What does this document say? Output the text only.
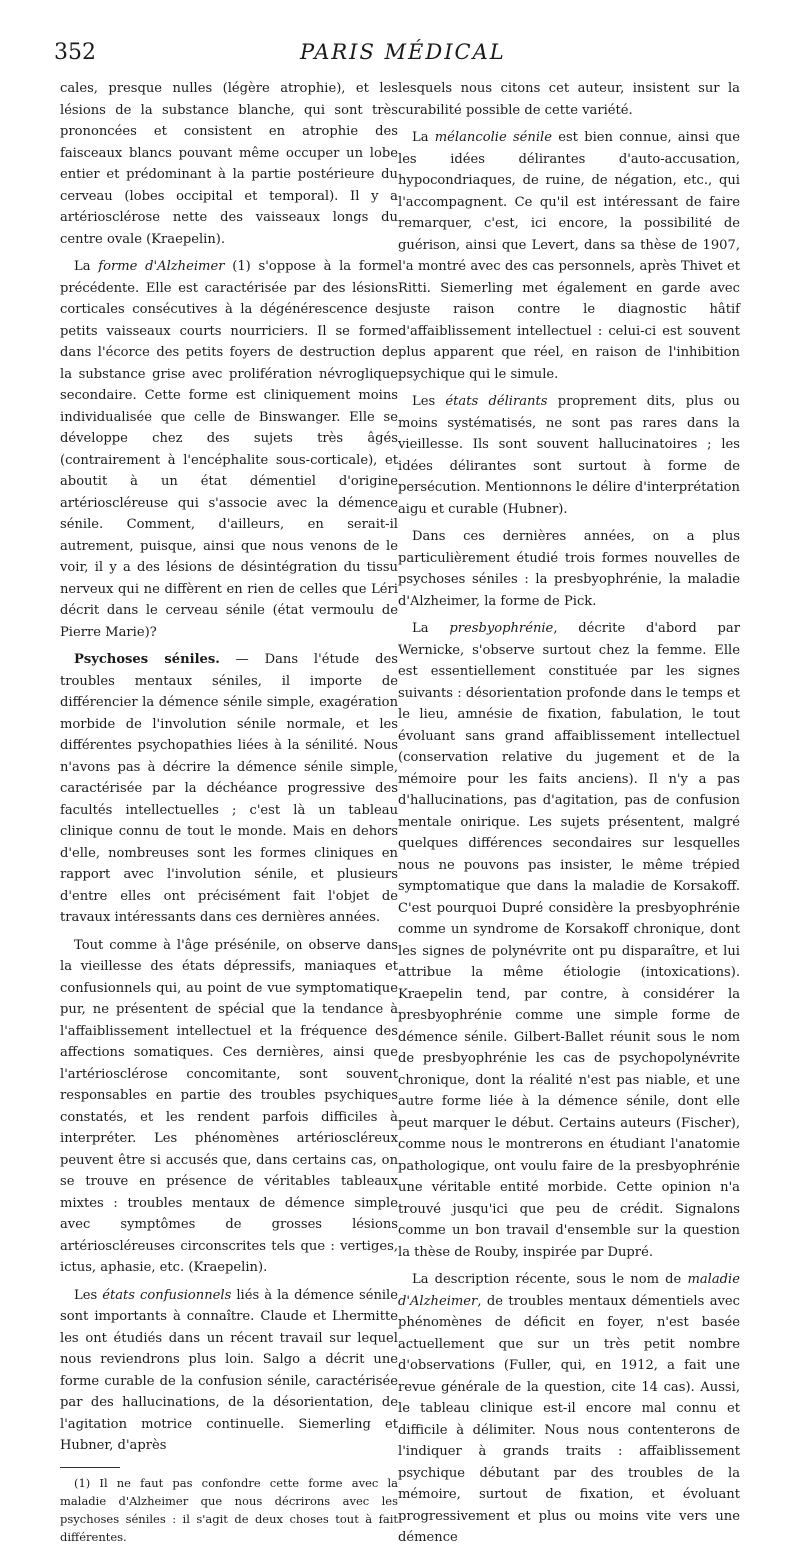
352	PARIS MÉDICAL

cales, presque nulles (légère atrophie), et les lésions de la substance blanche, qui sont très prononcées et consistent en atrophie des faisceaux blancs pouvant même occuper un lobe entier et prédominant à la partie postérieure du cerveau (lobes occipital et temporal). Il y a artériosclérose nette des vaisseaux longs du centre ovale (Kraepelin).

La forme d'Alzheimer (1) s'oppose à la forme précédente. Elle est caractérisée par des lésions corticales consécutives à la dégénérescence des petits vaisseaux courts nourriciers. Il se forme dans l'écorce des petits foyers de destruction de la substance grise avec prolifération névroglique secondaire. Cette forme est cliniquement moins individualisée que celle de Binswanger. Elle se développe chez des sujets très âgés (contrairement à l'encéphalite sous-corticale), et aboutit à un état démentiel d'origine artérioscléreuse qui s'associe avec la démence sénile. Comment, d'ailleurs, en serait-il autrement, puisque, ainsi que nous venons de le voir, il y a des lésions de désintégration du tissu nerveux qui ne diffèrent en rien de celles que Léri décrit dans le cerveau sénile (état vermoulu de Pierre Marie)?

Psychoses séniles. — Dans l'étude des troubles mentaux séniles, il importe de différencier la démence sénile simple, exagération morbide de l'involution sénile normale, et les différentes psychopathies liées à la sénilité. Nous n'avons pas à décrire la démence sénile simple, caractérisée par la déchéance progressive des facultés intellectuelles ; c'est là un tableau clinique connu de tout le monde. Mais en dehors d'elle, nombreuses sont les formes cliniques en rapport avec l'involution sénile, et plusieurs d'entre elles ont précisément fait l'objet de travaux intéressants dans ces dernières années.

Tout comme à l'âge présénile, on observe dans la vieillesse des états dépressifs, maniaques et confusionnels qui, au point de vue symptomatique pur, ne présentent de spécial que la tendance à l'affaiblissement intellectuel et la fréquence des affections somatiques. Ces dernières, ainsi que l'artériosclérose concomitante, sont souvent responsables en partie des troubles psychiques constatés, et les rendent parfois difficiles à interpréter. Les phénomènes artérioscléreux peuvent être si accusés que, dans certains cas, on se trouve en présence de véritables tableaux mixtes : troubles mentaux de démence simple avec symptômes de grosses lésions artérioscléreuses circonscrites tels que : vertiges, ictus, aphasie, etc. (Kraepelin).

Les états confusionnels liés à la démence sénile sont importants à connaître. Claude et Lhermitte les ont étudiés dans un récent travail sur lequel nous reviendrons plus loin. Salgo a décrit une forme curable de la confusion sénile, caractérisée par des hallucinations, de la désorientation, de l'agitation motrice continuelle. Siemerling et Hubner, d'après

(1) Il ne faut pas confondre cette forme avec la maladie d'Alzheimer que nous décrirons avec les psychoses séniles : il s'agit de deux choses tout à fait différentes.

lesquels nous citons cet auteur, insistent sur la curabilité possible de cette variété.

La mélancolie sénile est bien connue, ainsi que les idées délirantes d'auto-accusation, hypocondriaques, de ruine, de négation, etc., qui l'accompagnent. Ce qu'il est intéressant de faire remarquer, c'est, ici encore, la possibilité de guérison, ainsi que Levert, dans sa thèse de 1907, l'a montré avec des cas personnels, après Thivet et Ritti. Siemerling met également en garde avec juste raison contre le diagnostic hâtif d'affaiblissement intellectuel : celui-ci est souvent plus apparent que réel, en raison de l'inhibition psychique qui le simule.

Les états délirants proprement dits, plus ou moins systématisés, ne sont pas rares dans la vieillesse. Ils sont souvent hallucinatoires ; les idées délirantes sont surtout à forme de persécution. Mentionnons le délire d'interprétation aigu et curable (Hubner).

Dans ces dernières années, on a plus particulièrement étudié trois formes nouvelles de psychoses séniles : la presbyophrénie, la maladie d'Alzheimer, la forme de Pick.

La presbyophrénie, décrite d'abord par Wernicke, s'observe surtout chez la femme. Elle est essentiellement constituée par les signes suivants : désorientation profonde dans le temps et le lieu, amnésie de fixation, fabulation, le tout évoluant sans grand affaiblissement intellectuel (conservation relative du jugement et de la mémoire pour les faits anciens). Il n'y a pas d'hallucinations, pas d'agitation, pas de confusion mentale onirique. Les sujets présentent, malgré quelques différences secondaires sur lesquelles nous ne pouvons pas insister, le même trépied symptomatique que dans la maladie de Korsakoff. C'est pourquoi Dupré considère la presbyophrénie comme un syndrome de Korsakoff chronique, dont les signes de polynévrite ont pu disparaître, et lui attribue la même étiologie (intoxications). Kraepelin tend, par contre, à considérer la presbyophrénie comme une simple forme de démence sénile. Gilbert-Ballet réunit sous le nom de presbyophrénie les cas de psychopolynévrite chronique, dont la réalité n'est pas niable, et une autre forme liée à la démence sénile, dont elle peut marquer le début. Certains auteurs (Fischer), comme nous le montrerons en étudiant l'anatomie pathologique, ont voulu faire de la presbyophrénie une véritable entité morbide. Cette opinion n'a trouvé jusqu'ici que peu de crédit. Signalons comme un bon travail d'ensemble sur la question la thèse de Rouby, inspirée par Dupré.

La description récente, sous le nom de maladie d'Alzheimer, de troubles mentaux démentiels avec phénomènes de déficit en foyer, n'est basée actuellement que sur un très petit nombre d'observations (Fuller, qui, en 1912, a fait une revue générale de la question, cite 14 cas). Aussi, le tableau clinique est-il encore mal connu et difficile à délimiter. Nous nous contenterons de l'indiquer à grands traits : affaiblissement psychique débutant par des troubles de la mémoire, surtout de fixation, et évoluant progressivement et plus ou moins vite vers une démence
